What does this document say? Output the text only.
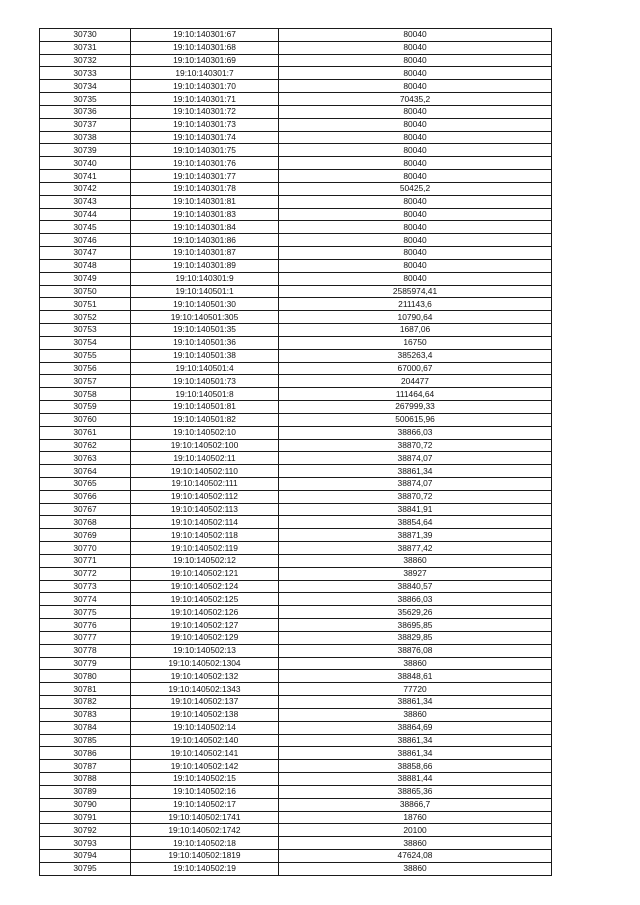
30730	19:10:140301:67	80040
30731	19:10:140301:68	80040
30732	19:10:140301:69	80040
30733	19:10:140301:7	80040
30734	19:10:140301:70	80040
30735	19:10:140301:71	70435,2
30736	19:10:140301:72	80040
30737	19:10:140301:73	80040
30738	19:10:140301:74	80040
30739	19:10:140301:75	80040
30740	19:10:140301:76	80040
30741	19:10:140301:77	80040
30742	19:10:140301:78	50425,2
30743	19:10:140301:81	80040
30744	19:10:140301:83	80040
30745	19:10:140301:84	80040
30746	19:10:140301:86	80040
30747	19:10:140301:87	80040
30748	19:10:140301:89	80040
30749	19:10:140301:9	80040
30750	19:10:140501:1	2585974,41
30751	19:10:140501:30	211143,6
30752	19:10:140501:305	10790,64
30753	19:10:140501:35	1687,06
30754	19:10:140501:36	16750
30755	19:10:140501:38	385263,4
30756	19:10:140501:4	67000,67
30757	19:10:140501:73	204477
30758	19:10:140501:8	111464,64
30759	19:10:140501:81	267999,33
30760	19:10:140501:82	500615,96
30761	19:10:140502:10	38866,03
30762	19:10:140502:100	38870,72
30763	19:10:140502:11	38874,07
30764	19:10:140502:110	38861,34
30765	19:10:140502:111	38874,07
30766	19:10:140502:112	38870,72
30767	19:10:140502:113	38841,91
30768	19:10:140502:114	38854,64
30769	19:10:140502:118	38871,39
30770	19:10:140502:119	38877,42
30771	19:10:140502:12	38860
30772	19:10:140502:121	38927
30773	19:10:140502:124	38840,57
30774	19:10:140502:125	38866,03
30775	19:10:140502:126	35629,26
30776	19:10:140502:127	38695,85
30777	19:10:140502:129	38829,85
30778	19:10:140502:13	38876,08
30779	19:10:140502:1304	38860
30780	19:10:140502:132	38848,61
30781	19:10:140502:1343	77720
30782	19:10:140502:137	38861,34
30783	19:10:140502:138	38860
30784	19:10:140502:14	38864,69
30785	19:10:140502:140	38861,34
30786	19:10:140502:141	38861,34
30787	19:10:140502:142	38858,66
30788	19:10:140502:15	38881,44
30789	19:10:140502:16	38865,36
30790	19:10:140502:17	38866,7
30791	19:10:140502:1741	18760
30792	19:10:140502:1742	20100
30793	19:10:140502:18	38860
30794	19:10:140502:1819	47624,08
30795	19:10:140502:19	38860
